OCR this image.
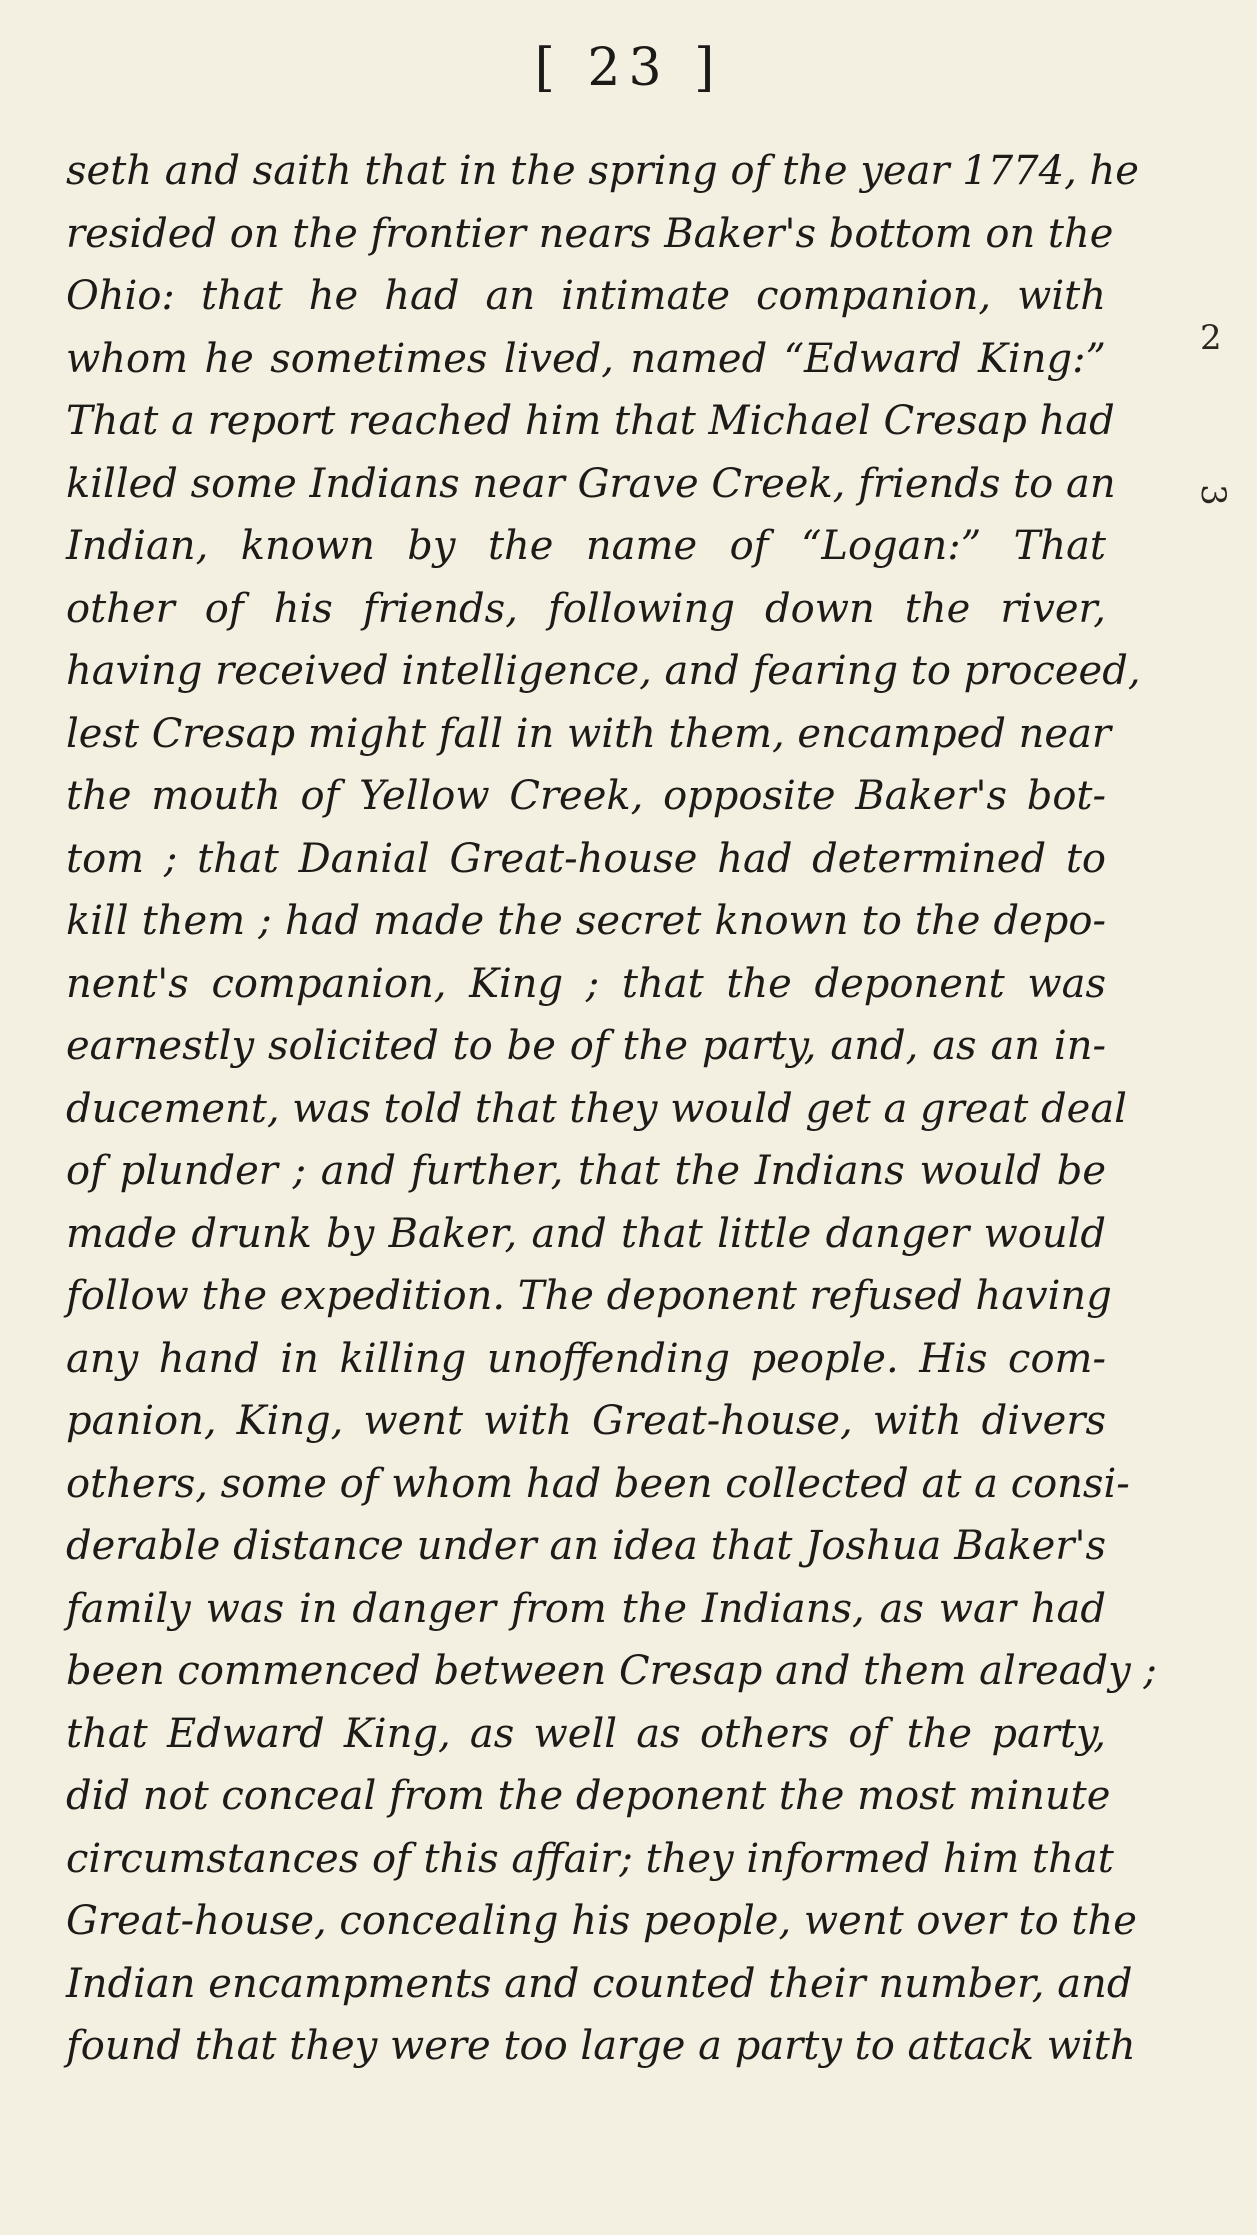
[ 23 ]
2
3
seth and saith that in the spring of the year 1774, he
resided on the frontier nears Baker's bottom on the
Ohio: that he had an intimate companion, with
whom he sometimes lived, named “Edward King:”
That a report reached him that Michael Cresap had
killed some Indians near Grave Creek, friends to an
Indian, known by the name of “Logan:” That
other of his friends, following down the river,
having received intelligence, and fearing to proceed,
lest Cresap might fall in with them, encamped near
the mouth of Yellow Creek, opposite Baker's bot-
tom ; that Danial Great-house had determined to
kill them ; had made the secret known to the depo-
nent's companion, King ; that the deponent was
earnestly solicited to be of the party, and, as an in-
ducement, was told that they would get a great deal
of plunder ; and further, that the Indians would be
made drunk by Baker, and that little danger would
follow the expedition. The deponent refused having
any hand in killing unoffending people. His com-
panion, King, went with Great-house, with divers
others, some of whom had been collected at a consi-
derable distance under an idea that Joshua Baker's
family was in danger from the Indians, as war had
been commenced between Cresap and them already ;
that Edward King, as well as others of the party,
did not conceal from the deponent the most minute
circumstances of this affair; they informed him that
Great-house, concealing his people, went over to the
Indian encampments and counted their number, and
found that they were too large a party to attack with
